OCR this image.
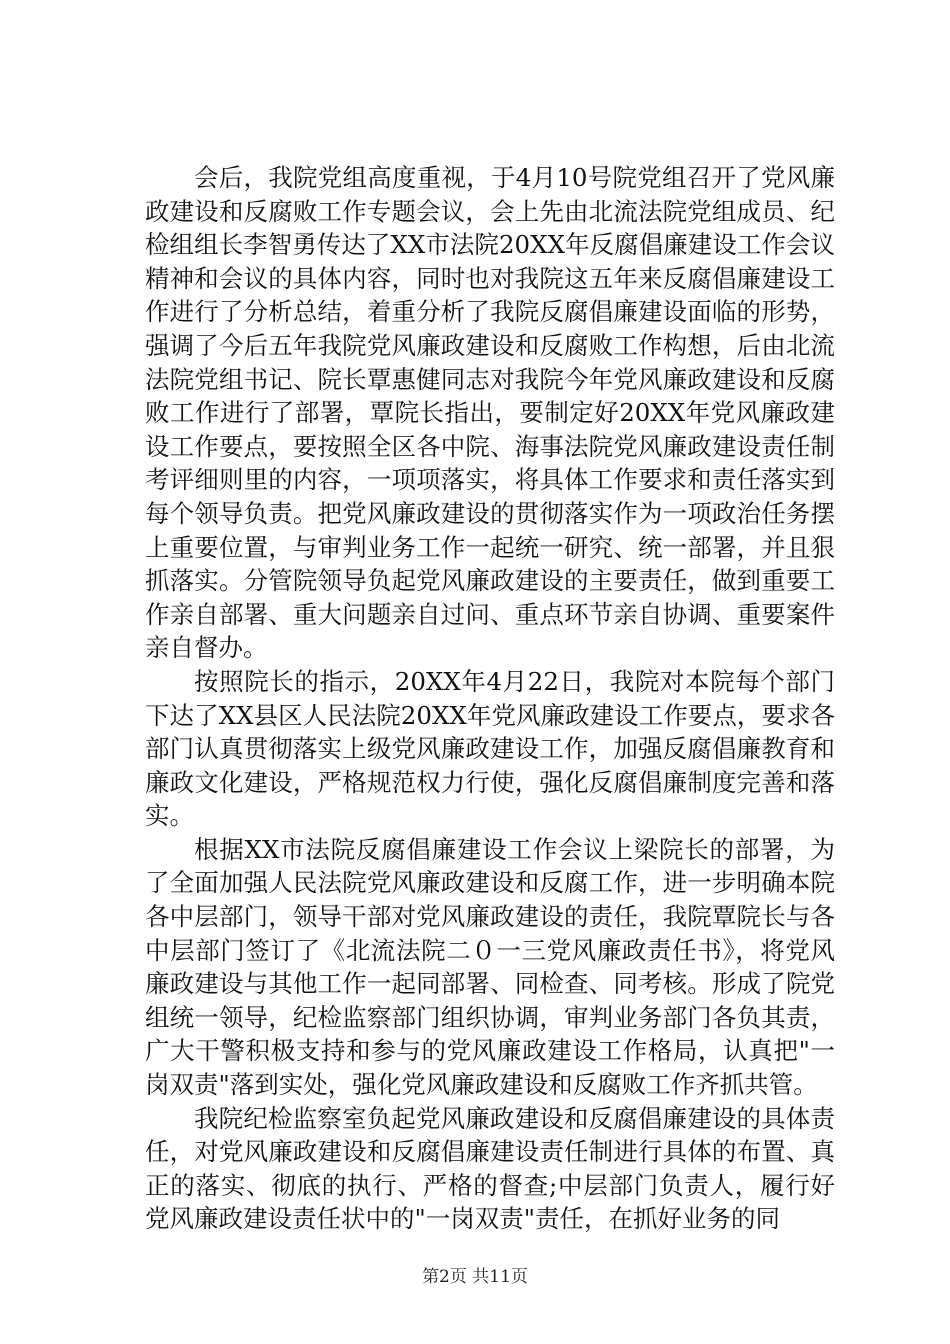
会后，我院党组高度重视，于4月10号院党组召开了党风廉政建设和反腐败工作专题会议，会上先由北流法院党组成员、纪检组组长李智勇传达了XX市法院20XX年反腐倡廉建设工作会议精神和会议的具体内容，同时也对我院这五年来反腐倡廉建设工作进行了分析总结，着重分析了我院反腐倡廉建设面临的形势，强调了今后五年我院党风廉政建设和反腐败工作构想，后由北流法院党组书记、院长覃惠健同志对我院今年党风廉政建设和反腐败工作进行了部署，覃院长指出，要制定好20XX年党风廉政建设工作要点，要按照全区各中院、海事法院党风廉政建设责任制考评细则里的内容，一项项落实，将具体工作要求和责任落实到每个领导负责。把党风廉政建设的贯彻落实作为一项政治任务摆上重要位置，与审判业务工作一起统一研究、统一部署，并且狠抓落实。分管院领导负起党风廉政建设的主要责任，做到重要工作亲自部署、重大问题亲自过问、重点环节亲自协调、重要案件亲自督办。

按照院长的指示，20XX年4月22日，我院对本院每个部门下达了XX县区人民法院20XX年党风廉政建设工作要点，要求各部门认真贯彻落实上级党风廉政建设工作，加强反腐倡廉教育和廉政文化建设，严格规范权力行使，强化反腐倡廉制度完善和落实。

根据XX市法院反腐倡廉建设工作会议上梁院长的部署，为了全面加强人民法院党风廉政建设和反腐工作，进一步明确本院各中层部门，领导干部对党风廉政建设的责任，我院覃院长与各中层部门签订了《北流法院二０一三党风廉政责任书》，将党风廉政建设与其他工作一起同部署、同检查、同考核。形成了院党组统一领导，纪检监察部门组织协调，审判业务部门各负其责，广大干警积极支持和参与的党风廉政建设工作格局，认真把"一岗双责"落到实处，强化党风廉政建设和反腐败工作齐抓共管。

我院纪检监察室负起党风廉政建设和反腐倡廉建设的具体责任，对党风廉政建设和反腐倡廉建设责任制进行具体的布置、真正的落实、彻底的执行、严格的督查;中层部门负责人，履行好党风廉政建设责任状中的"一岗双责"责任，在抓好业务的同

第2页 共11页
